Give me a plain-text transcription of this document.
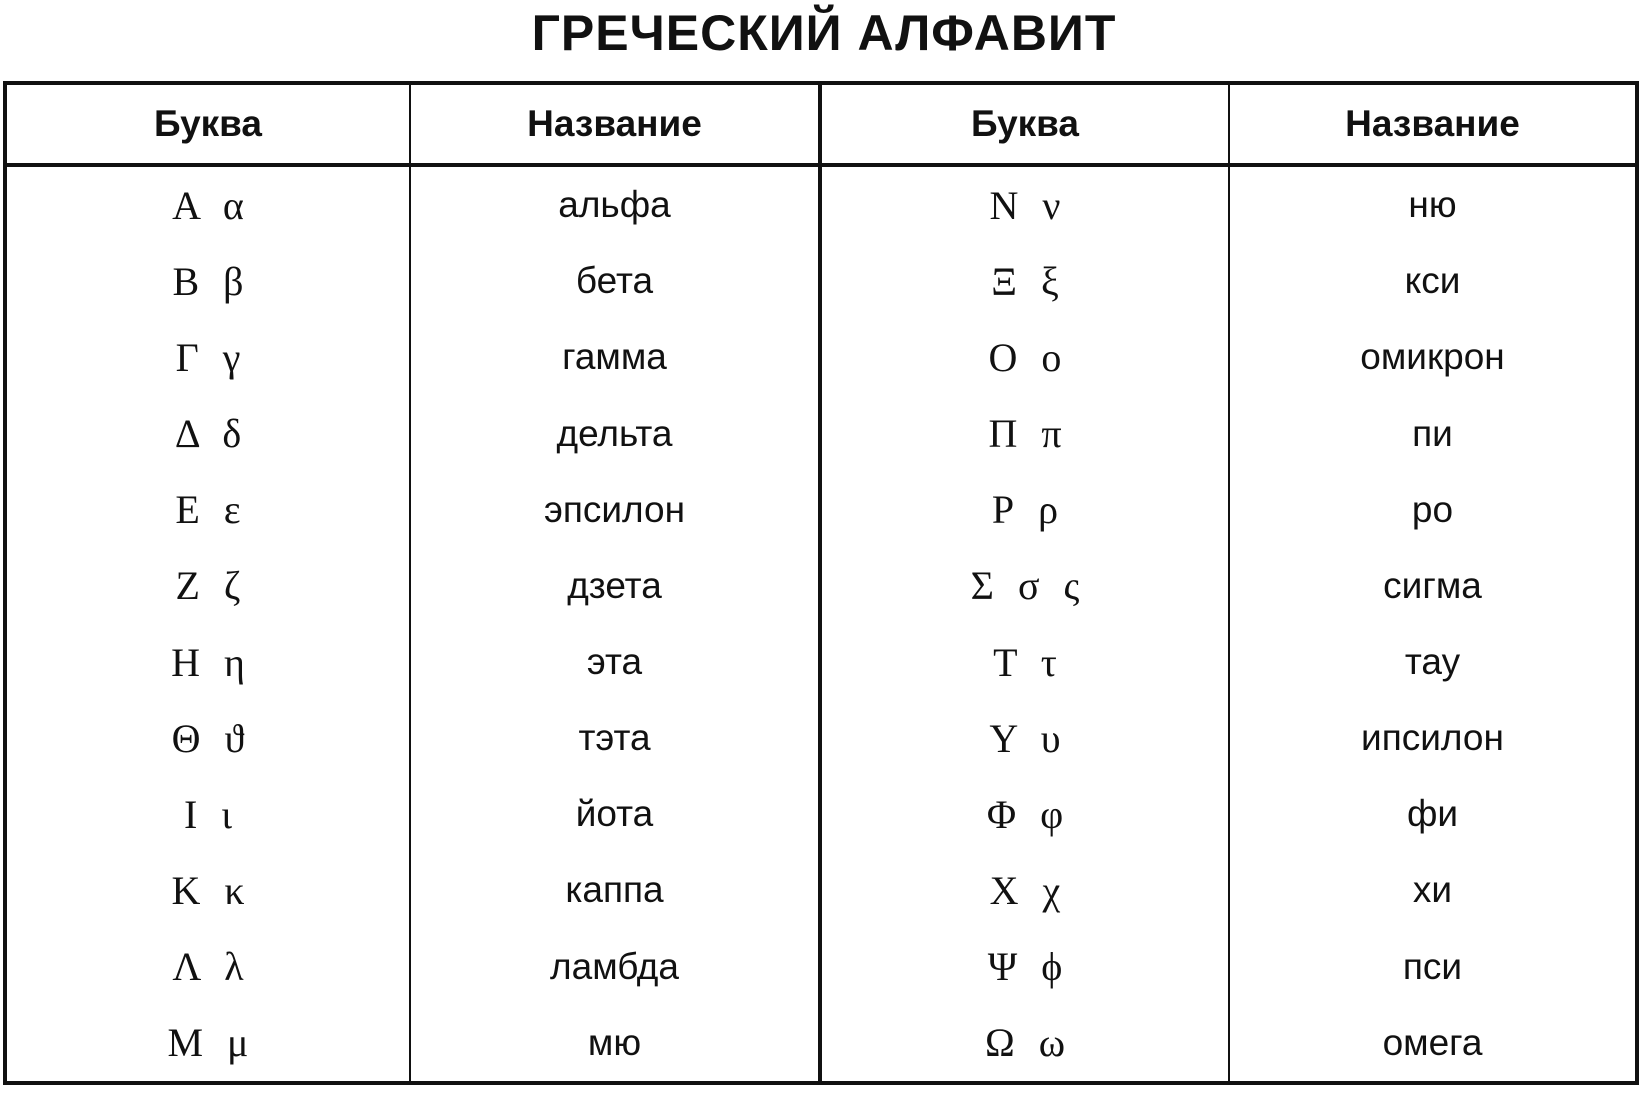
ГРЕЧЕСКИЙ АЛФАВИТ
Буква	Название	Буква	Название
Α α	альфа	Ν ν	ню
Β β	бета	Ξ ξ	кси
Γ γ	гамма	Ο ο	омикрон
Δ δ	дельта	Π π	пи
Ε ε	эпсилон	Ρ ρ	ро
Ζ ζ	дзета	Σ σ ς	сигма
Η η	эта	Τ τ	тау
Θ ϑ	тэта	Υ υ	ипсилон
Ι ι	йота	Φ φ	фи
Κ κ	каппа	Χ χ	хи
Λ λ	ламбда	Ψ ϕ	пси
Μ μ	мю	Ω ω	омега
